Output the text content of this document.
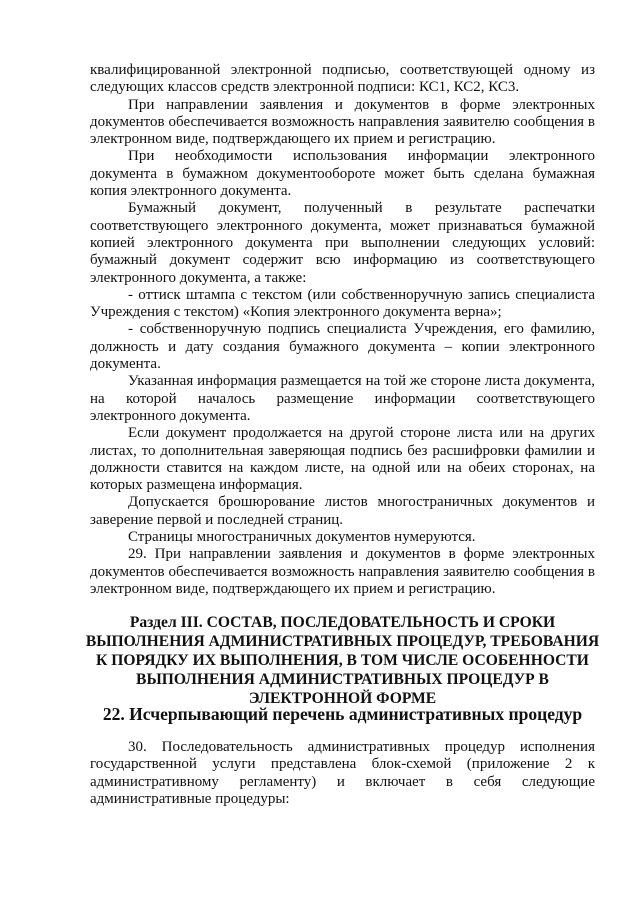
квалифицированной электронной подписью, соответствующей одному из следующих классов средств электронной подписи: КС1, КС2, КС3.

При направлении заявления и документов в форме электронных документов обеспечивается возможность направления заявителю сообщения в электронном виде, подтверждающего их прием и регистрацию.

При необходимости использования информации электронного документа в бумажном документообороте может быть сделана бумажная копия электронного документа.

Бумажный документ, полученный в результате распечатки соответствующего электронного документа, может признаваться бумажной копией электронного документа при выполнении следующих условий: бумажный документ содержит всю информацию из соответствующего электронного документа, а также:

- оттиск штампа с текстом (или собственноручную запись специалиста Учреждения с текстом) «Копия электронного документа верна»;

- собственноручную подпись специалиста Учреждения, его фамилию, должность и дату создания бумажного документа – копии электронного документа.

Указанная информация размещается на той же стороне листа документа, на которой началось размещение информации соответствующего электронного документа.

Если документ продолжается на другой стороне листа или на других листах, то дополнительная заверяющая подпись без расшифровки фамилии и должности ставится на каждом листе, на одной или на обеих сторонах, на которых размещена информация.

Допускается брошюрование листов многостраничных документов и заверение первой и последней страниц.

Страницы многостраничных документов нумеруются.

29. При направлении заявления и документов в форме электронных документов обеспечивается возможность направления заявителю сообщения в электронном виде, подтверждающего их прием и регистрацию.

Раздел III. СОСТАВ, ПОСЛЕДОВАТЕЛЬНОСТЬ И СРОКИ ВЫПОЛНЕНИЯ АДМИНИСТРАТИВНЫХ ПРОЦЕДУР, ТРЕБОВАНИЯ К ПОРЯДКУ ИХ ВЫПОЛНЕНИЯ, В ТОМ ЧИСЛЕ ОСОБЕННОСТИ ВЫПОЛНЕНИЯ АДМИНИСТРАТИВНЫХ ПРОЦЕДУР В ЭЛЕКТРОННОЙ ФОРМЕ
22. Исчерпывающий перечень административных процедур

30. Последовательность административных процедур исполнения государственной услуги представлена блок-схемой (приложение 2 к административному регламенту) и включает в себя следующие административные процедуры:
